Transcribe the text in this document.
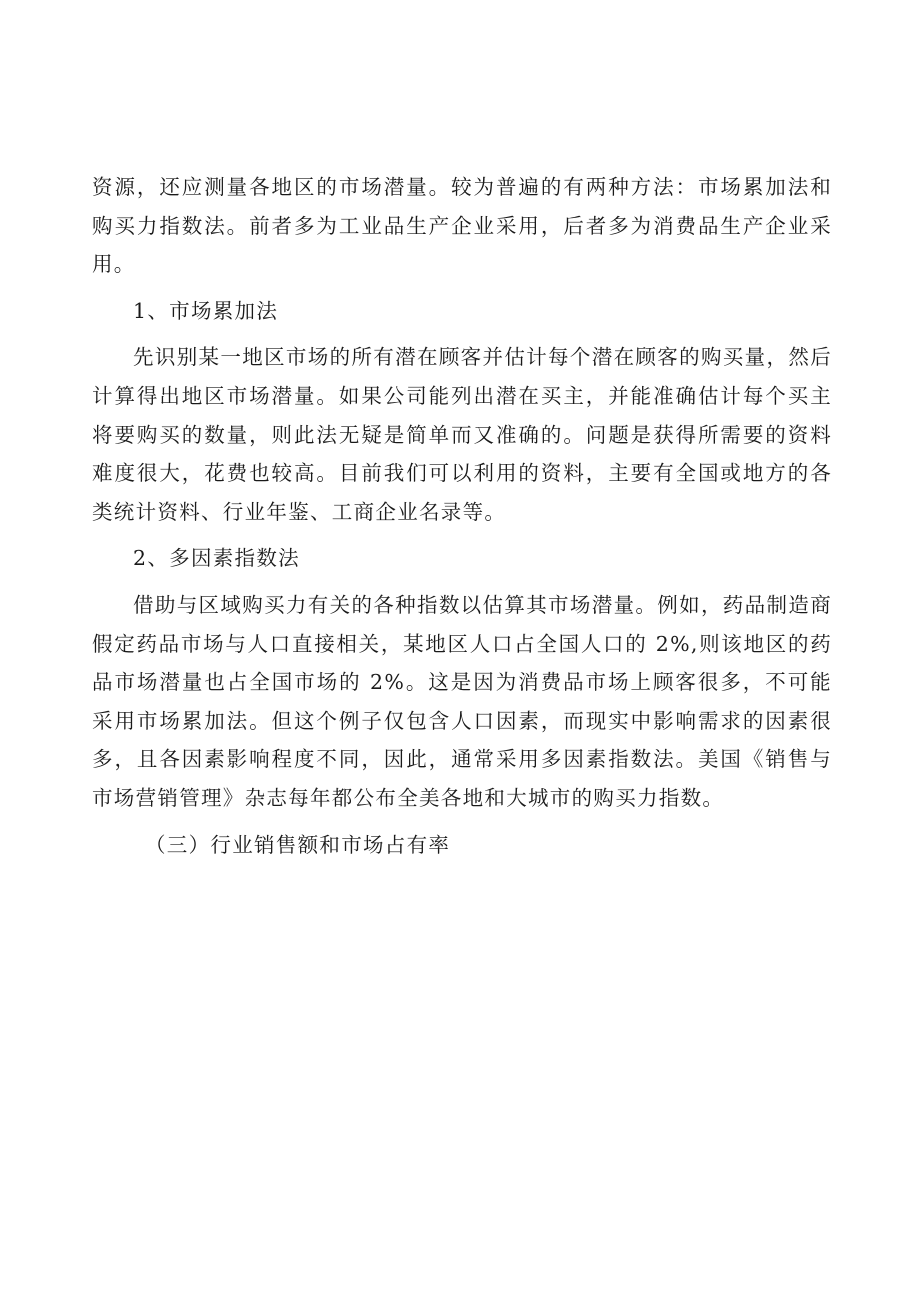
资源，还应测量各地区的市场潜量。较为普遍的有两种方法：市场累加法和购买力指数法。前者多为工业品生产企业采用，后者多为消费品生产企业采用。

1、市场累加法

先识别某一地区市场的所有潜在顾客并估计每个潜在顾客的购买量，然后计算得出地区市场潜量。如果公司能列出潜在买主，并能准确估计每个买主将要购买的数量，则此法无疑是简单而又准确的。问题是获得所需要的资料难度很大，花费也较高。目前我们可以利用的资料，主要有全国或地方的各类统计资料、行业年鉴、工商企业名录等。

2、多因素指数法

借助与区域购买力有关的各种指数以估算其市场潜量。例如，药品制造商假定药品市场与人口直接相关，某地区人口占全国人口的 2%,则该地区的药品市场潜量也占全国市场的 2%。这是因为消费品市场上顾客很多，不可能采用市场累加法。但这个例子仅包含人口因素，而现实中影响需求的因素很多，且各因素影响程度不同，因此，通常采用多因素指数法。美国《销售与市场营销管理》杂志每年都公布全美各地和大城市的购买力指数。

（三）行业销售额和市场占有率
